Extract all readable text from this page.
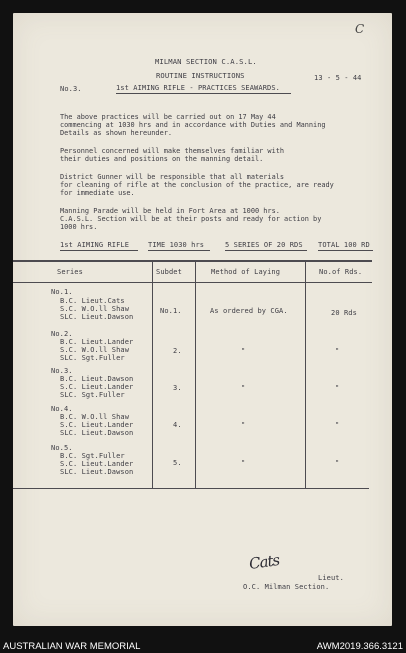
C
MILMAN SECTION C.A.S.L.
ROUTINE INSTRUCTIONS	13 - 5 - 44
No.3.	1st AIMING RIFLE - PRACTICES SEAWARDS.
The above practices will be carried out on 17 May 44
commencing at 1030 hrs and in accordance with Duties and Manning
Details as shown hereunder.
Personnel concerned will make themselves familiar with
their duties and positions on the manning detail.
District Gunner will be responsible that all materials
for cleaning of rifle at the conclusion of the practice, are ready
for immediate use.
Manning Parade will be held in Fort Area at 1000 hrs.
C.A.S.L. Section will be at their posts and ready for action by
1000 hrs.
1st AIMING RIFLE	TIME 1030 hrs	5 SERIES OF 20 RDS TOTAL 100 RD
Series	Subdet	Method of Laying	No.of Rds.
No.1.
B.C. Lieut.Cats
S.C. W.O.ll Shaw
SLC. Lieut.Dawson
No.1.	As ordered by CGA.	20 Rds
No.2.
B.C. Lieut.Lander
S.C. W.O.ll Shaw
SLC. Sgt.Fuller
2.	"	"
No.3.
B.C. Lieut.Dawson
S.C. Lieut.Lander
SLC. Sgt.Fuller
3.	"	"
No.4.
B.C. W.O.ll Shaw
S.C. Lieut.Lander
SLC. Lieut.Dawson
4.	"	"
No.5.
B.C. Sgt.Fuller
S.C. Lieut.Lander
SLC. Lieut.Dawson
5.	"	"
Cats
Lieut.
O.C. Milman Section.
AUSTRALIAN WAR MEMORIAL	AWM2019.366.3121
